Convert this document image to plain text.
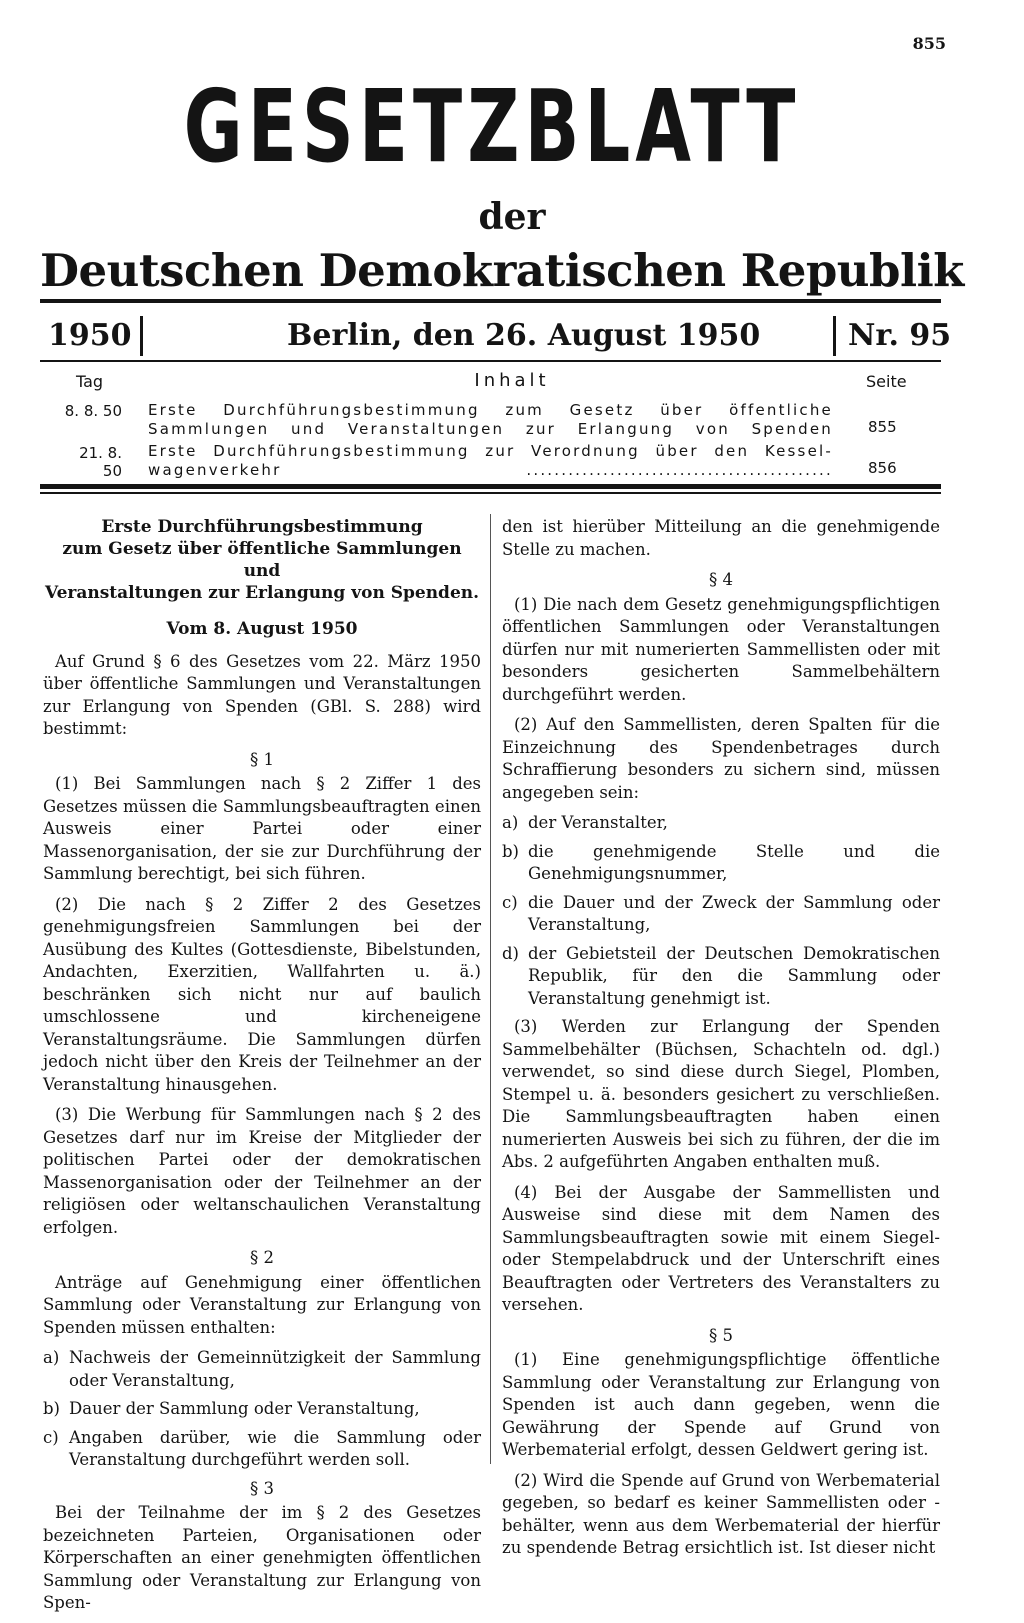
855
GESETZBLATT
der
Deutschen Demokratischen Republik
1950	Berlin, den 26. August 1950	Nr. 95
Tag	Inhalt	Seite
8. 8. 50 Erste Durchführungsbestimmung zum Gesetz über öffentliche
Sammlungen und Veranstaltungen zur Erlangung von Spenden 855
21. 8. 50
Erste Durchführungsbestimmung zur Verordnung über den Kessel-
wagenverkehr ............................................ 856
Erste Durchführungsbestimmung
zum Gesetz über öffentliche Sammlungen und
Veranstaltungen zur Erlangung von Spenden.
Vom 8. August 1950

Auf Grund § 6 des Gesetzes vom 22. März 1950 über öffentliche Sammlungen und Veranstaltungen zur Erlangung von Spenden (GBl. S. 288) wird bestimmt:

§ 1

(1) Bei Sammlungen nach § 2 Ziffer 1 des Gesetzes müssen die Sammlungsbeauftragten einen Ausweis einer Partei oder einer Massenorganisation, der sie zur Durchführung der Sammlung berechtigt, bei sich führen.

(2) Die nach § 2 Ziffer 2 des Gesetzes genehmigungsfreien Sammlungen bei der Ausübung des Kultes (Gottesdienste, Bibelstunden, Andachten, Exerzitien, Wallfahrten u. ä.) beschränken sich nicht nur auf baulich umschlossene und kircheneigene Veranstaltungsräume. Die Sammlungen dürfen jedoch nicht über den Kreis der Teilnehmer an der Veranstaltung hinausgehen.

(3) Die Werbung für Sammlungen nach § 2 des Gesetzes darf nur im Kreise der Mitglieder der politischen Partei oder der demokratischen Massenorganisation oder der Teilnehmer an der religiösen oder weltanschaulichen Veranstaltung erfolgen.

§ 2

Anträge auf Genehmigung einer öffentlichen Sammlung oder Veranstaltung zur Erlangung von Spenden müssen enthalten:

a) Nachweis der Gemeinnützigkeit der Sammlung oder Veranstaltung,
b) Dauer der Sammlung oder Veranstaltung,
c) Angaben darüber, wie die Sammlung oder Veranstaltung durchgeführt werden soll.
§ 3

Bei der Teilnahme der im § 2 des Gesetzes bezeichneten Parteien, Organisationen oder Körperschaften an einer genehmigten öffentlichen Sammlung oder Veranstaltung zur Erlangung von Spen-

den ist hierüber Mitteilung an die genehmigende Stelle zu machen.

§ 4

(1) Die nach dem Gesetz genehmigungspflichtigen öffentlichen Sammlungen oder Veranstaltungen dürfen nur mit numerierten Sammellisten oder mit besonders gesicherten Sammelbehältern durchgeführt werden.

(2) Auf den Sammellisten, deren Spalten für die Einzeichnung des Spendenbetrages durch Schraffierung besonders zu sichern sind, müssen angegeben sein:

a) der Veranstalter,
b) die genehmigende Stelle und die Genehmigungsnummer,
c) die Dauer und der Zweck der Sammlung oder Veranstaltung,
d) der Gebietsteil der Deutschen Demokratischen Republik, für den die Sammlung oder Veranstaltung genehmigt ist.

(3) Werden zur Erlangung der Spenden Sammelbehälter (Büchsen, Schachteln od. dgl.) verwendet, so sind diese durch Siegel, Plomben, Stempel u. ä. besonders gesichert zu verschließen. Die Sammlungsbeauftragten haben einen numerierten Ausweis bei sich zu führen, der die im Abs. 2 aufgeführten Angaben enthalten muß.

(4) Bei der Ausgabe der Sammellisten und Ausweise sind diese mit dem Namen des Sammlungsbeauftragten sowie mit einem Siegel- oder Stempelabdruck und der Unterschrift eines Beauftragten oder Vertreters des Veranstalters zu versehen.

§ 5

(1) Eine genehmigungspflichtige öffentliche Sammlung oder Veranstaltung zur Erlangung von Spenden ist auch dann gegeben, wenn die Gewährung der Spende auf Grund von Werbematerial erfolgt, dessen Geldwert gering ist.

(2) Wird die Spende auf Grund von Werbematerial gegeben, so bedarf es keiner Sammellisten oder -behälter, wenn aus dem Werbematerial der hierfür zu spendende Betrag ersichtlich ist. Ist dieser nicht
